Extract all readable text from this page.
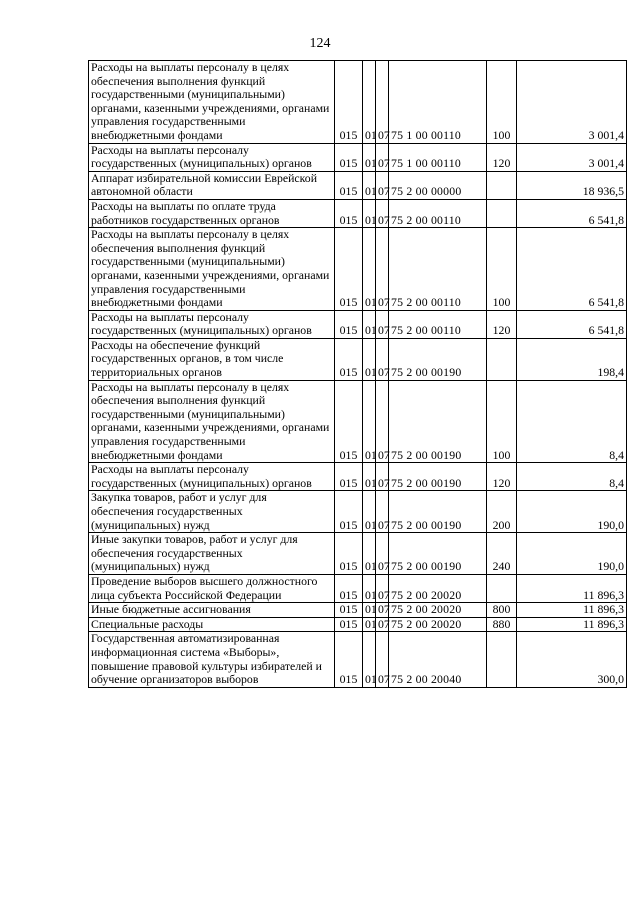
124
Расходы на выплаты персоналу в целях обеспечения выполнения функций государственными (муниципальными) органами, казенными учреждениями, органами управления государственными внебюджетными фондами	015	01	07	75 1 00 00110	100	3 001,4
Расходы на выплаты персоналу государственных (муниципальных) органов	015	01	07	75 1 00 00110	120	3 001,4
Аппарат избирательной комиссии Еврейской автономной области	015	01	07	75 2 00 00000		18 936,5
Расходы на выплаты по оплате труда работников государственных органов	015	01	07	75 2 00 00110		6 541,8
Расходы на выплаты персоналу в целях обеспечения выполнения функций государственными (муниципальными) органами, казенными учреждениями, органами управления государственными внебюджетными фондами	015	01	07	75 2 00 00110	100	6 541,8
Расходы на выплаты персоналу государственных (муниципальных) органов	015	01	07	75 2 00 00110	120	6 541,8
Расходы на обеспечение функций государственных органов, в том числе территориальных органов	015	01	07	75 2 00 00190		198,4
Расходы на выплаты персоналу в целях обеспечения выполнения функций государственными (муниципальными) органами, казенными учреждениями, органами управления государственными внебюджетными фондами	015	01	07	75 2 00 00190	100	8,4
Расходы на выплаты персоналу государственных (муниципальных) органов	015	01	07	75 2 00 00190	120	8,4
Закупка товаров, работ и услуг для обеспечения государственных (муниципальных) нужд	015	01	07	75 2 00 00190	200	190,0
Иные закупки товаров, работ и услуг для обеспечения государственных (муниципальных) нужд	015	01	07	75 2 00 00190	240	190,0
Проведение выборов высшего должностного лица субъекта Российской Федерации	015	01	07	75 2 00 20020		11 896,3
Иные бюджетные ассигнования	015	01	07	75 2 00 20020	800	11 896,3
Специальные расходы	015	01	07	75 2 00 20020	880	11 896,3
Государственная автоматизированная информационная система «Выборы», повышение правовой культуры избирателей и обучение организаторов выборов	015	01	07	75 2 00 20040		300,0
